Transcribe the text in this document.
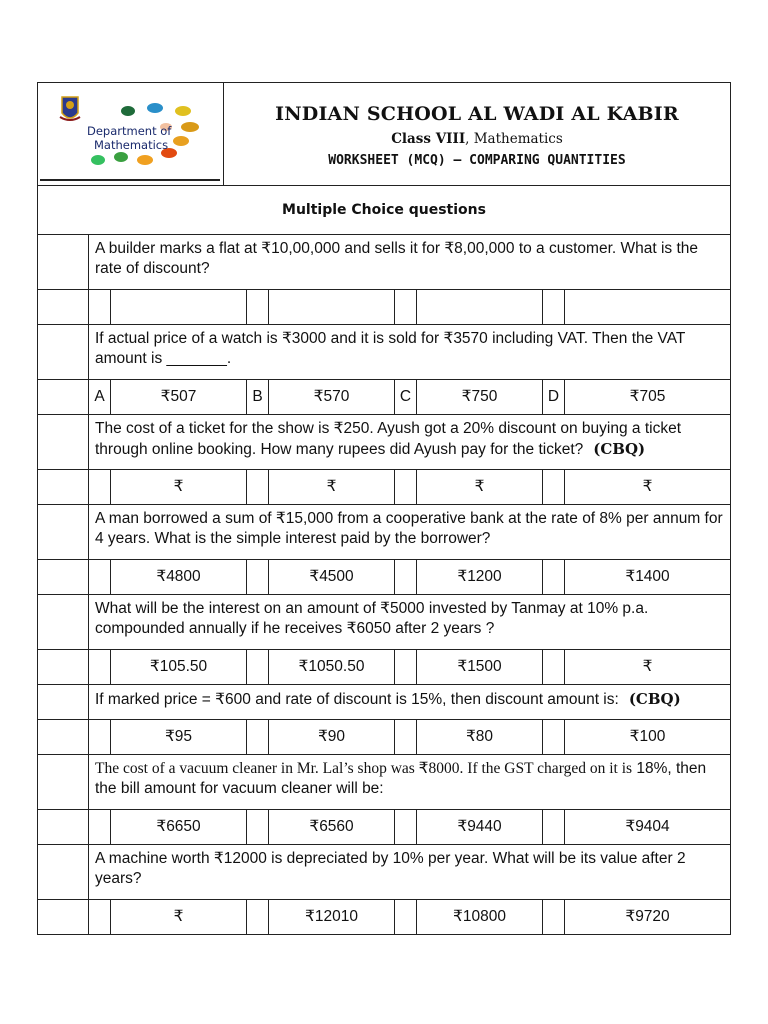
Department of
Mathematics
INDIAN SCHOOL AL WADI AL KABIR
Class VIII, Mathematics
WORKSHEET (MCQ) – COMPARING QUANTITIES
Multiple Choice questions
A builder marks a flat at ₹10,00,000 and sells it for ₹8,00,000 to a customer. What is the rate of discount?
If actual price of a watch is ₹3000 and it is sold for ₹3570 including VAT. Then the VAT amount is _______.
A	₹507	B	₹570	C	₹750	D	₹705
The cost of a ticket for the show is ₹250. Ayush got a 20% discount on buying a ticket through online booking. How many rupees did Ayush pay for the ticket? (CBQ)
₹	₹	₹	₹
A man borrowed a sum of ₹15,000 from a cooperative bank at the rate of 8% per annum for 4 years. What is the simple interest paid by the borrower?
₹4800	₹4500	₹1200	₹1400
What will be the interest on an amount of ₹5000 invested by Tanmay at 10% p.a. compounded annually if he receives ₹6050 after 2 years ?
₹105.50	₹1050.50	₹1500	₹
If marked price = ₹600 and rate of discount is 15%, then discount amount is: (CBQ)
₹95	₹90	₹80	₹100
The cost of a vacuum cleaner in Mr. Lal’s shop was ₹8000. If the GST charged on it is 18%, then the bill amount for vacuum cleaner will be:
₹6650	₹6560	₹9440	₹9404
A machine worth ₹12000 is depreciated by 10% per year. What will be its value after 2 years?
₹	₹12010	₹10800	₹9720
